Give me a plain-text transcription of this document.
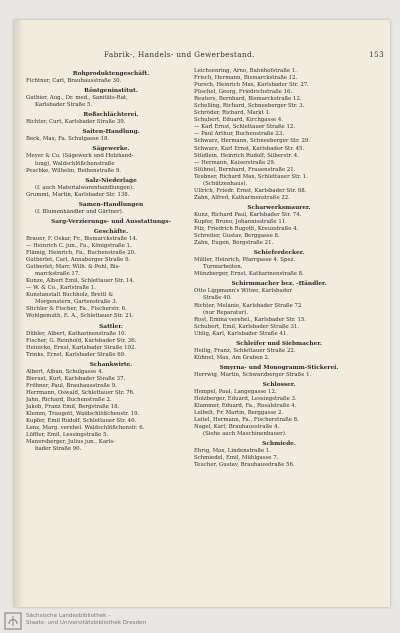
Fabrik-, Handels- und Gewerbestand.	153
Rohproduktengeschäft.
Fichtner, Carl, Brauhausstraße 30.
Röntgeninstitut.
Gutbier, Aug., Dr. med., Sanitäts-Rat,
Karlsbader Straße 5.
Roßschlächterei.
Richter, Curt, Karlsbader Straße 39.
Saiten-Handlung.
Beck, Max, Fa. Schulgasse 18.
Sägewerke.
Meyer & Co. (Sägewerk und Holzhand-
lung), Waldschlößchenstraße
Peschke, Wilhelm, Reihenstraße 9.
Salz-Niederlage
(f. auch Materialwarenhandlungen).
Grummt, Martin, Karlsbader Str. 138.
Samen-Handlungen
(f. Blumenhändler und Gärtner).
Sarg-Verzierungs- und Ausstattungs-
Geschäfte.
Brauer, F. Oskar, Fr., Bismarckstraße 14.
— Heinrich C. jun., Fa., Königstraße 1.
Flämig, Heinrich, Fa., Buchenstraße 20.
Gutberlet, Carl, Annaberger Straße 9.
Gutberlet, Marr. Wilh. & Pohl, Bis-
marckstraße 17.
Kunze, Albert Emil, Schlettauer Str. 14.
— W. & Co., Karlstraße 1.
Kunstanstalt Buchholz, Brettl &
Morgenstern, Gartenstraße 3.
Stichler & Fischer, Fa., Fischerstr. 6.
Wohlgemuth, E. A., Schlettauer Str. 21.
Sattler.
Dübler, Albert, Katharinenstraße 10.
Fischer, G. Reinhold, Karlsbader Str. 36.
Heinicke, Ernst, Karlsbader Straße 102.
Trinks, Ernst, Karlsbader Straße 69.
Schankwirte.
Albert, Alban, Schulgasse 4.
Bierast, Kurt, Karlsbader Straße 37.
Fröhner, Paul, Brauhausstraße 9.
Herrmann, Oswald, Schlettauer Str. 76.
Jahn, Richard, Buchenstraße 2.
Jakob, Franz Emil, Bergstraße 18.
Klemm, Traugott, Waldschlößchenstr. 19.
Kupfer, Emil Rudolf, Schlettauer Str. 46.
Lenz, Marg. verehel. Waldschlößchenstr. 6.
Löffler, Emil, Lessingstraße 5.
Manersberger, Julius jun., Karls-
bader Straße 90.
Leichsenring, Arno, Bahnhofstraße 1.
Frisch, Hermann, Bismarckstraße 12.
Pursch, Heinrich Max, Karlsbader Str. 27.
Püschel, Georg, Friedrichstraße 16.
Reuters, Bernhard, Bismarckstraße 12.
Schelling, Richard, Schneeberger Str. 3.
Schröder, Richard, Markt 1.
Schubert, Eduard, Kirchgasse 4.
— Karl Ernst, Schlettauer Straße 12.
— Paul Arthur, Buchenstraße 23.
Schwarz, Hermann, Schneeberger Str. 29.
Schwarz, Karl Ernst, Karlsbader Str. 45.
Stüdlein, Heinrich Rudolf, Silberstr. 4.
— Hermann, Kaiserstraße 29.
Stühnel, Bernhard, Frauenstraße 21.
Teubner, Richard Max, Schlettauer Str. 1.
(Schützenhaus).
Ullrich, Friedr. Ernst, Karlsbader Str. 68.
Zahn, Alfred, Katharinenstraße 22.
Scharwerksmaurer.
Kunz, Richard Paul, Karlsbader Str. 74.
Kupfer, Bruno, Johannisstraße 11.
Pilz, Friedrich Rugoth, Kreuzstraße 4.
Schreiter, Gustav, Berggasse 8.
Zahn, Eugen, Bergstraße 21.
Schieferdecker.
Müller, Heinrich, Pfarrgasse 4. Spez.
Turmarbeiten.
Münzberger, Ernst, Katharinenstraße 8.
Schirmmacher bez. -Händler.
Otto Lippmann's Witwe, Karlsbader
Straße 40.
Richter, Melanie, Karlsbader Straße 72
(nur Reparatur).
Rost, Emma verehel., Karlsbader Str. 15.
Schubert, Emil, Karlsbader Straße 31.
Uhlig, Karl, Karlsbader Straße 41.
Schleifer und Siebmacher.
Heilig, Franz, Schlettauer Straße 22.
Kühnel, Max, Am Graben 2.
Smyrna- und Monogramm-Stickerei.
Herrwig, Martin, Schwarzberger Straße 1.
Schlosser.
Hempel, Paul, Langegasse 12.
Holzberger, Eduard, Lessingstraße 3.
Klammer, Eduard, Fa., Rosalstraße 4.
Leibelt, Fr. Martin, Berggasse 2.
Leitel, Hermann, Fa., Fischerstraße 8.
Nagel, Karl, Brauhausstraße 4.
(Siehe auch Maschinenbauer).
Schmiede.
Ehrig, Max, Lindenstraße 1.
Schmiedel, Emil, Mühlgasse 7.
Teucher, Gustav, Brauhausstraße 56.
Sächsische Landesbibliothek –
Staats- und Universitätsbibliothek Dresden
